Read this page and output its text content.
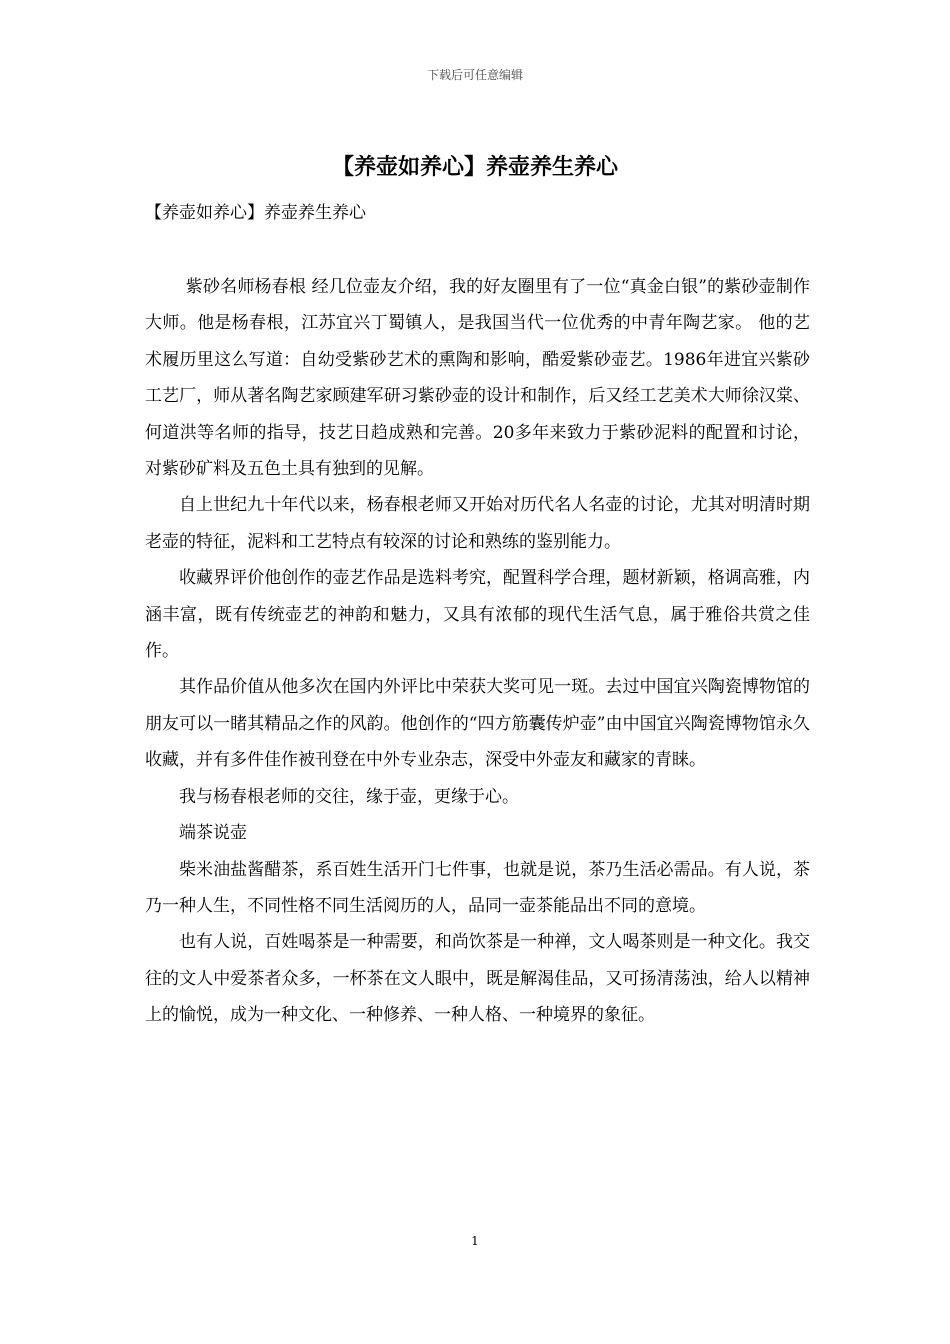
下载后可任意编辑
【养壶如养心】养壶养生养心
【养壶如养心】养壶养生养心

紫砂名师杨春根 经几位壶友介绍，我的好友圈里有了一位“真金白银”的紫砂壶制作大师。他是杨春根，江苏宜兴丁蜀镇人，是我国当代一位优秀的中青年陶艺家。 他的艺术履历里这么写道：自幼受紫砂艺术的熏陶和影响，酷爱紫砂壶艺。1986年进宜兴紫砂工艺厂，师从著名陶艺家顾建军研习紫砂壶的设计和制作，后又经工艺美术大师徐汉棠、何道洪等名师的指导，技艺日趋成熟和完善。20多年来致力于紫砂泥料的配置和讨论，对紫砂矿料及五色土具有独到的见解。

自上世纪九十年代以来，杨春根老师又开始对历代名人名壶的讨论，尤其对明清时期老壶的特征，泥料和工艺特点有较深的讨论和熟练的鉴别能力。

收藏界评价他创作的壶艺作品是选料考究，配置科学合理，题材新颖，格调高雅，内涵丰富，既有传统壶艺的神韵和魅力，又具有浓郁的现代生活气息，属于雅俗共赏之佳作。

其作品价值从他多次在国内外评比中荣获大奖可见一斑。去过中国宜兴陶瓷博物馆的朋友可以一睹其精品之作的风韵。他创作的“四方筋囊传炉壶”由中国宜兴陶瓷博物馆永久收藏，并有多件佳作被刊登在中外专业杂志，深受中外壶友和藏家的青睐。

我与杨春根老师的交往，缘于壶，更缘于心。

端茶说壶

柴米油盐酱醋茶，系百姓生活开门七件事，也就是说，茶乃生活必需品。有人说，茶乃一种人生，不同性格不同生活阅历的人，品同一壶茶能品出不同的意境。

也有人说，百姓喝茶是一种需要，和尚饮茶是一种禅，文人喝茶则是一种文化。我交往的文人中爱茶者众多，一杯茶在文人眼中，既是解渴佳品，又可扬清荡浊，给人以精神上的愉悦，成为一种文化、一种修养、一种人格、一种境界的象征。

1
